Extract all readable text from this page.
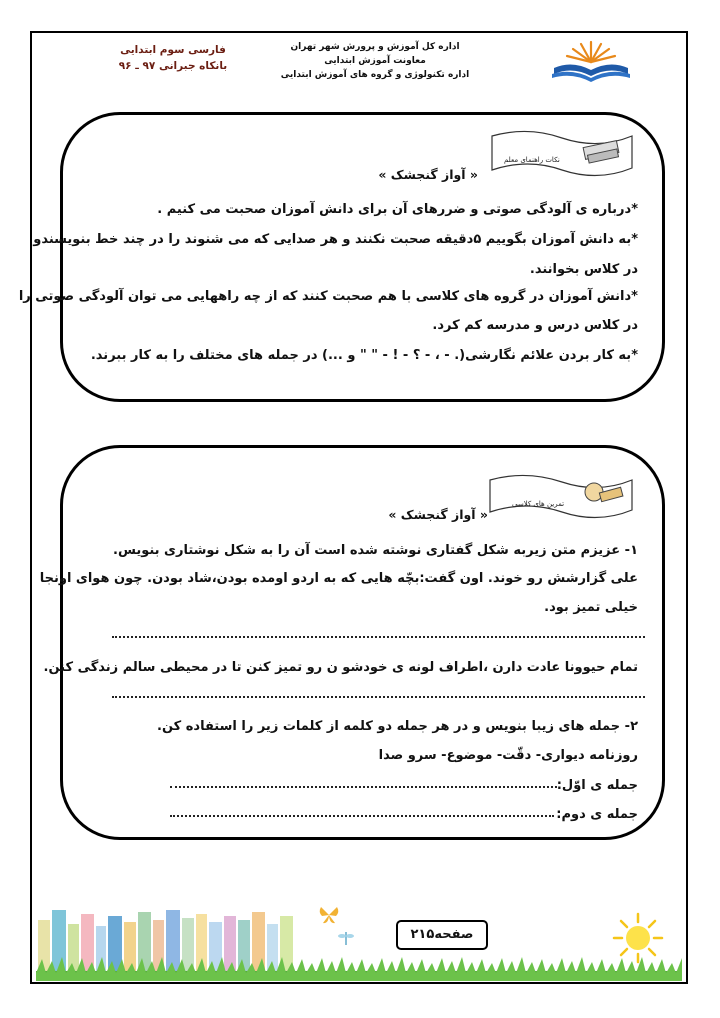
فارسی سوم ابتدایی
بانکاه جبرانی ۹۷ ـ ۹۶
اداره کل آموزش و پرورش شهر تهران
معاونت آموزش ابتدایی
اداره تکنولوژی و گروه های آموزش ابتدایی
نکات راهنمای معلم
« آواز گنجشک »
*درباره ی آلودگی صوتی و ضررهای آن برای دانش آموزان صحبت می کنیم .
*به دانش آموزان بگوییم ۵دقیقه صحبت نکنند و هر صدایی که می شنوند را در چند خط بنویسندو
در کلاس بخوانند.
*دانش آموزان در گروه های کلاسی با هم صحبت کنند که از چه راههایی می توان آلودگی صوتی را
در کلاس درس و مدرسه کم کرد.
*به کار بردن علائم نگارشی(. - ، - ؟ - ! - " " و ...) در جمله های مختلف را به کار ببرند.
تمرین های کلاسی
« آواز گنجشک »
۱- عزیزم متن زیربه شکل گفتاری نوشته شده است آن را به شکل نوشتاری بنویس.
علی گزارشش رو خوند. اون گفت:بچّه هایی که به اردو اومده بودن،شاد بودن. چون هوای اونجا
خیلی تمیز بود.
تمام حیوونا عادت دارن ،اطراف لونه ی خودشو ن رو تمیز کنن تا در محیطی سالم زندگی کنن.
۲- جمله های زیبا بنویس و در هر جمله دو کلمه از کلمات زیر را استفاده کن.
روزنامه دیواری- دقّت- موضوع- سرو صدا
جمله ی اوّل:
جمله ی دوم:
صفحه۲۱۵
